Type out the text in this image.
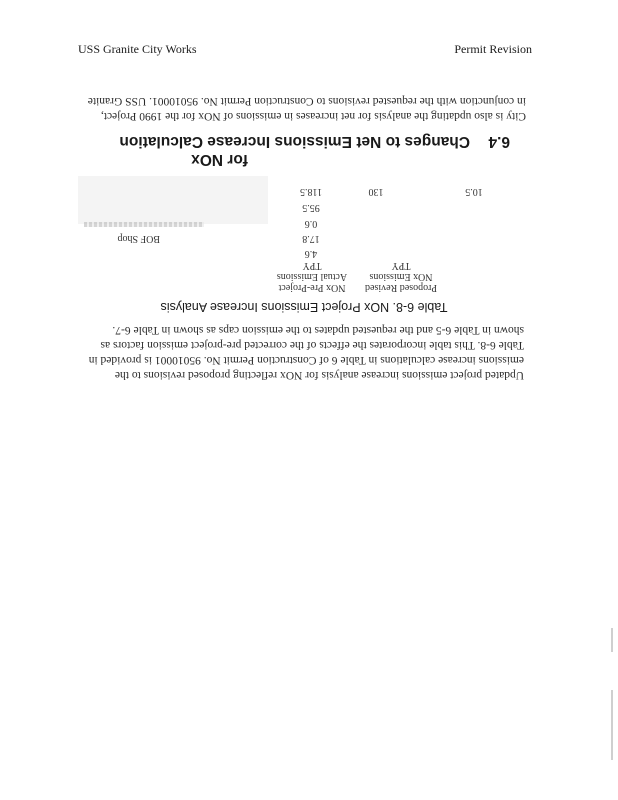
USS Granite City Works	Permit Revision
City is also updating the analysis for net increases in emissions of NOx for the 1990 Project,
in conjunction with the requested revisions to Construction Permit No. 95010001. USS Granite
for NOx
6.4
Changes to Net Emissions Increase Calculation
10.5
130
118.5
95.5
0.6
BOF Shop	17.8
4.6
NOx Pre-Project
Actual Emissions
TPY
Proposed Revised
NOx Emissions
TPY
Table 6-8. NOx Project Emissions Increase Analysis
Updated project emissions increase analysis for NOx reflecting proposed revisions to the
emissions increase calculations in Table 6 of Construction Permit No. 95010001 is provided in
Table 6-8. This table incorporates the effects of the corrected pre-project emission factors as
shown in Table 6-5 and the requested updates to the emission caps as shown in Table 6-7.
